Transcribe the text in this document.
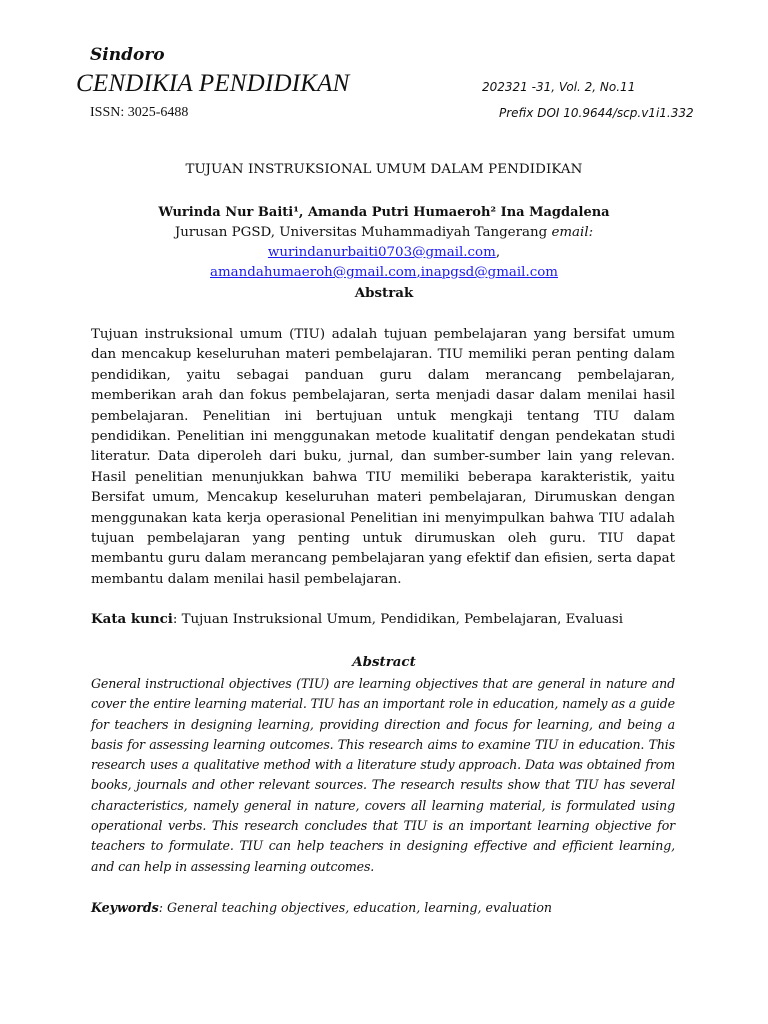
Sindoro
CENDIKIA PENDIDIKAN	202321 -31, Vol. 2, No.11
ISSN: 3025-6488	Prefix DOI 10.9644/scp.v1i1.332
TUJUAN INSTRUKSIONAL UMUM DALAM PENDIDIKAN
Wurinda Nur Baiti¹, Amanda Putri Humaeroh² Ina Magdalena
Jurusan PGSD, Universitas Muhammadiyah Tangerang email:
wurindanurbaiti0703@gmail.com,
amandahumaeroh@gmail.com,inapgsd@gmail.com
Abstrak
Tujuan instruksional umum (TIU) adalah tujuan pembelajaran yang bersifat umum dan mencakup keseluruhan materi pembelajaran. TIU memiliki peran penting dalam pendidikan, yaitu sebagai panduan guru dalam merancang pembelajaran, memberikan arah dan fokus pembelajaran, serta menjadi dasar dalam menilai hasil pembelajaran. Penelitian ini bertujuan untuk mengkaji tentang TIU dalam pendidikan. Penelitian ini menggunakan metode kualitatif dengan pendekatan studi literatur. Data diperoleh dari buku, jurnal, dan sumber-sumber lain yang relevan. Hasil penelitian menunjukkan bahwa TIU memiliki beberapa karakteristik, yaitu Bersifat umum, Mencakup keseluruhan materi pembelajaran, Dirumuskan dengan menggunakan kata kerja operasional Penelitian ini menyimpulkan bahwa TIU adalah tujuan pembelajaran yang penting untuk dirumuskan oleh guru. TIU dapat membantu guru dalam merancang pembelajaran yang efektif dan efisien, serta dapat membantu dalam menilai hasil pembelajaran.
Kata kunci: Tujuan Instruksional Umum, Pendidikan, Pembelajaran, Evaluasi
Abstract
General instructional objectives (TIU) are learning objectives that are general in nature and cover the entire learning material. TIU has an important role in education, namely as a guide for teachers in designing learning, providing direction and focus for learning, and being a basis for assessing learning outcomes. This research aims to examine TIU in education. This research uses a qualitative method with a literature study approach. Data was obtained from books, journals and other relevant sources. The research results show that TIU has several characteristics, namely general in nature, covers all learning material, is formulated using operational verbs. This research concludes that TIU is an important learning objective for teachers to formulate. TIU can help teachers in designing effective and efficient learning, and can help in assessing learning outcomes.
Keywords: General teaching objectives, education, learning, evaluation
